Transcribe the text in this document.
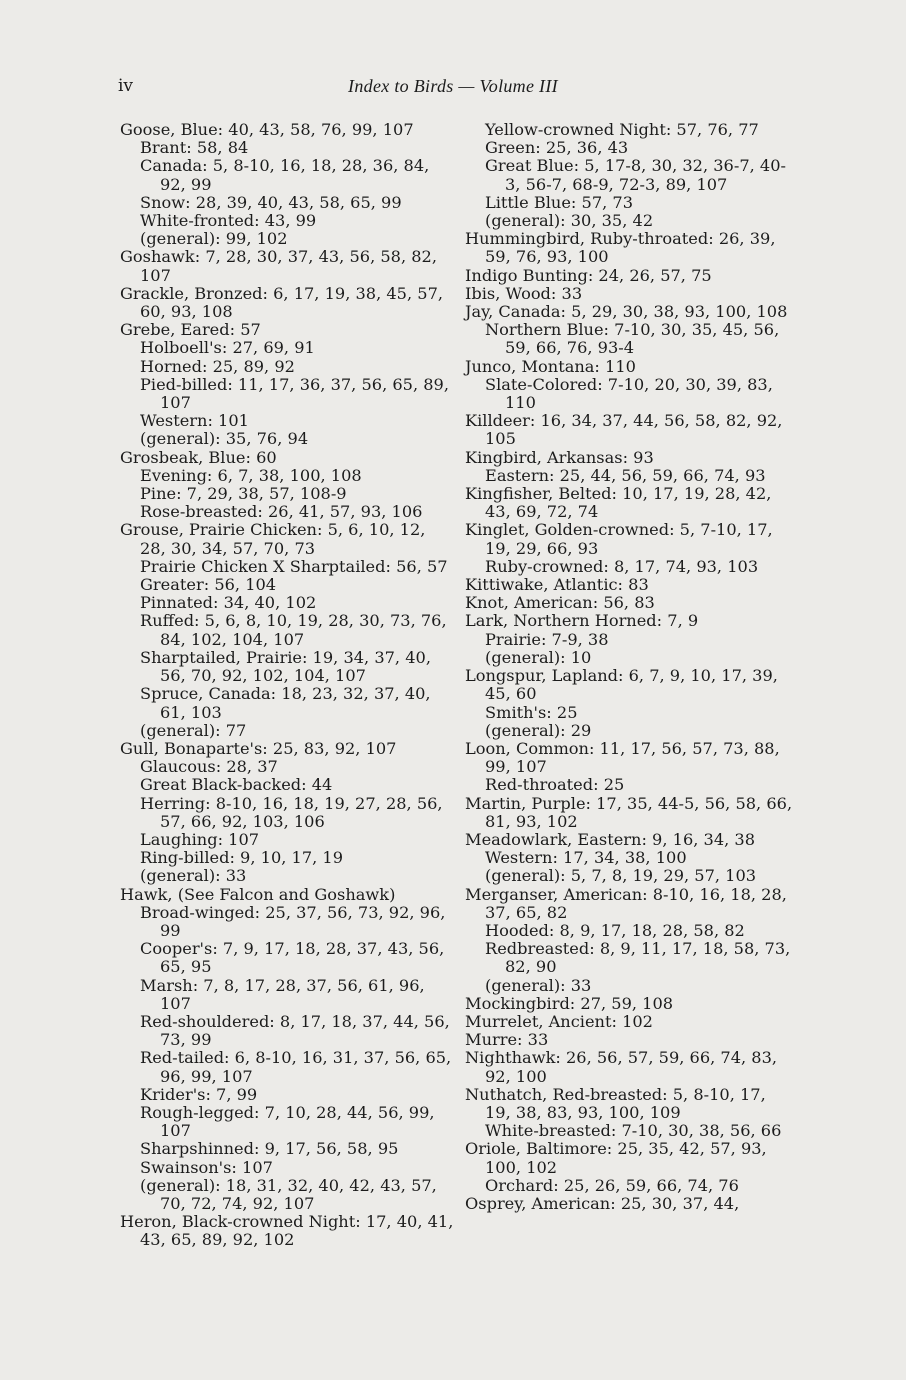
iv	Index to Birds — Volume III

Goose, Blue: 40, 43, 58, 76, 99, 107

Brant: 58, 84

Canada: 5, 8-10, 16, 18, 28, 36, 84, 92, 99

Snow: 28, 39, 40, 43, 58, 65, 99

White-fronted: 43, 99

(general): 99, 102

Goshawk: 7, 28, 30, 37, 43, 56, 58, 82, 107

Grackle, Bronzed: 6, 17, 19, 38, 45, 57, 60, 93, 108

Grebe, Eared: 57

Holboell's: 27, 69, 91

Horned: 25, 89, 92

Pied-billed: 11, 17, 36, 37, 56, 65, 89, 107

Western: 101

(general): 35, 76, 94

Grosbeak, Blue: 60

Evening: 6, 7, 38, 100, 108

Pine: 7, 29, 38, 57, 108-9

Rose-breasted: 26, 41, 57, 93, 106

Grouse, Prairie Chicken: 5, 6, 10, 12, 28, 30, 34, 57, 70, 73

Prairie Chicken X Sharptailed: 56, 57

Greater: 56, 104

Pinnated: 34, 40, 102

Ruffed: 5, 6, 8, 10, 19, 28, 30, 73, 76, 84, 102, 104, 107

Sharptailed, Prairie: 19, 34, 37, 40, 56, 70, 92, 102, 104, 107

Spruce, Canada: 18, 23, 32, 37, 40, 61, 103

(general): 77

Gull, Bonaparte's: 25, 83, 92, 107

Glaucous: 28, 37

Great Black-backed: 44

Herring: 8-10, 16, 18, 19, 27, 28, 56, 57, 66, 92, 103, 106

Laughing: 107

Ring-billed: 9, 10, 17, 19

(general): 33

Hawk, (See Falcon and Goshawk)

Broad-winged: 25, 37, 56, 73, 92, 96, 99

Cooper's: 7, 9, 17, 18, 28, 37, 43, 56, 65, 95

Marsh: 7, 8, 17, 28, 37, 56, 61, 96, 107

Red-shouldered: 8, 17, 18, 37, 44, 56, 73, 99

Red-tailed: 6, 8-10, 16, 31, 37, 56, 65, 96, 99, 107

Krider's: 7, 99

Rough-legged: 7, 10, 28, 44, 56, 99, 107

Sharpshinned: 9, 17, 56, 58, 95

Swainson's: 107

(general): 18, 31, 32, 40, 42, 43, 57, 70, 72, 74, 92, 107

Heron, Black-crowned Night: 17, 40, 41, 43, 65, 89, 92, 102

Yellow-crowned Night: 57, 76, 77

Green: 25, 36, 43

Great Blue: 5, 17-8, 30, 32, 36-7, 40-3, 56-7, 68-9, 72-3, 89, 107

Little Blue: 57, 73

(general): 30, 35, 42

Hummingbird, Ruby-throated: 26, 39, 59, 76, 93, 100

Indigo Bunting: 24, 26, 57, 75

Ibis, Wood: 33

Jay, Canada: 5, 29, 30, 38, 93, 100, 108

Northern Blue: 7-10, 30, 35, 45, 56, 59, 66, 76, 93-4

Junco, Montana: 110

Slate-Colored: 7-10, 20, 30, 39, 83, 110

Killdeer: 16, 34, 37, 44, 56, 58, 82, 92, 105

Kingbird, Arkansas: 93

Eastern: 25, 44, 56, 59, 66, 74, 93

Kingfisher, Belted: 10, 17, 19, 28, 42, 43, 69, 72, 74

Kinglet, Golden-crowned: 5, 7-10, 17, 19, 29, 66, 93

Ruby-crowned: 8, 17, 74, 93, 103

Kittiwake, Atlantic: 83

Knot, American: 56, 83

Lark, Northern Horned: 7, 9

Prairie: 7-9, 38

(general): 10

Longspur, Lapland: 6, 7, 9, 10, 17, 39, 45, 60

Smith's: 25

(general): 29

Loon, Common: 11, 17, 56, 57, 73, 88, 99, 107

Red-throated: 25

Martin, Purple: 17, 35, 44-5, 56, 58, 66, 81, 93, 102

Meadowlark, Eastern: 9, 16, 34, 38

Western: 17, 34, 38, 100

(general): 5, 7, 8, 19, 29, 57, 103

Merganser, American: 8-10, 16, 18, 28, 37, 65, 82

Hooded: 8, 9, 17, 18, 28, 58, 82

Redbreasted: 8, 9, 11, 17, 18, 58, 73, 82, 90

(general): 33

Mockingbird: 27, 59, 108

Murrelet, Ancient: 102

Murre: 33

Nighthawk: 26, 56, 57, 59, 66, 74, 83, 92, 100

Nuthatch, Red-breasted: 5, 8-10, 17, 19, 38, 83, 93, 100, 109

White-breasted: 7-10, 30, 38, 56, 66

Oriole, Baltimore: 25, 35, 42, 57, 93, 100, 102

Orchard: 25, 26, 59, 66, 74, 76

Osprey, American: 25, 30, 37, 44,
